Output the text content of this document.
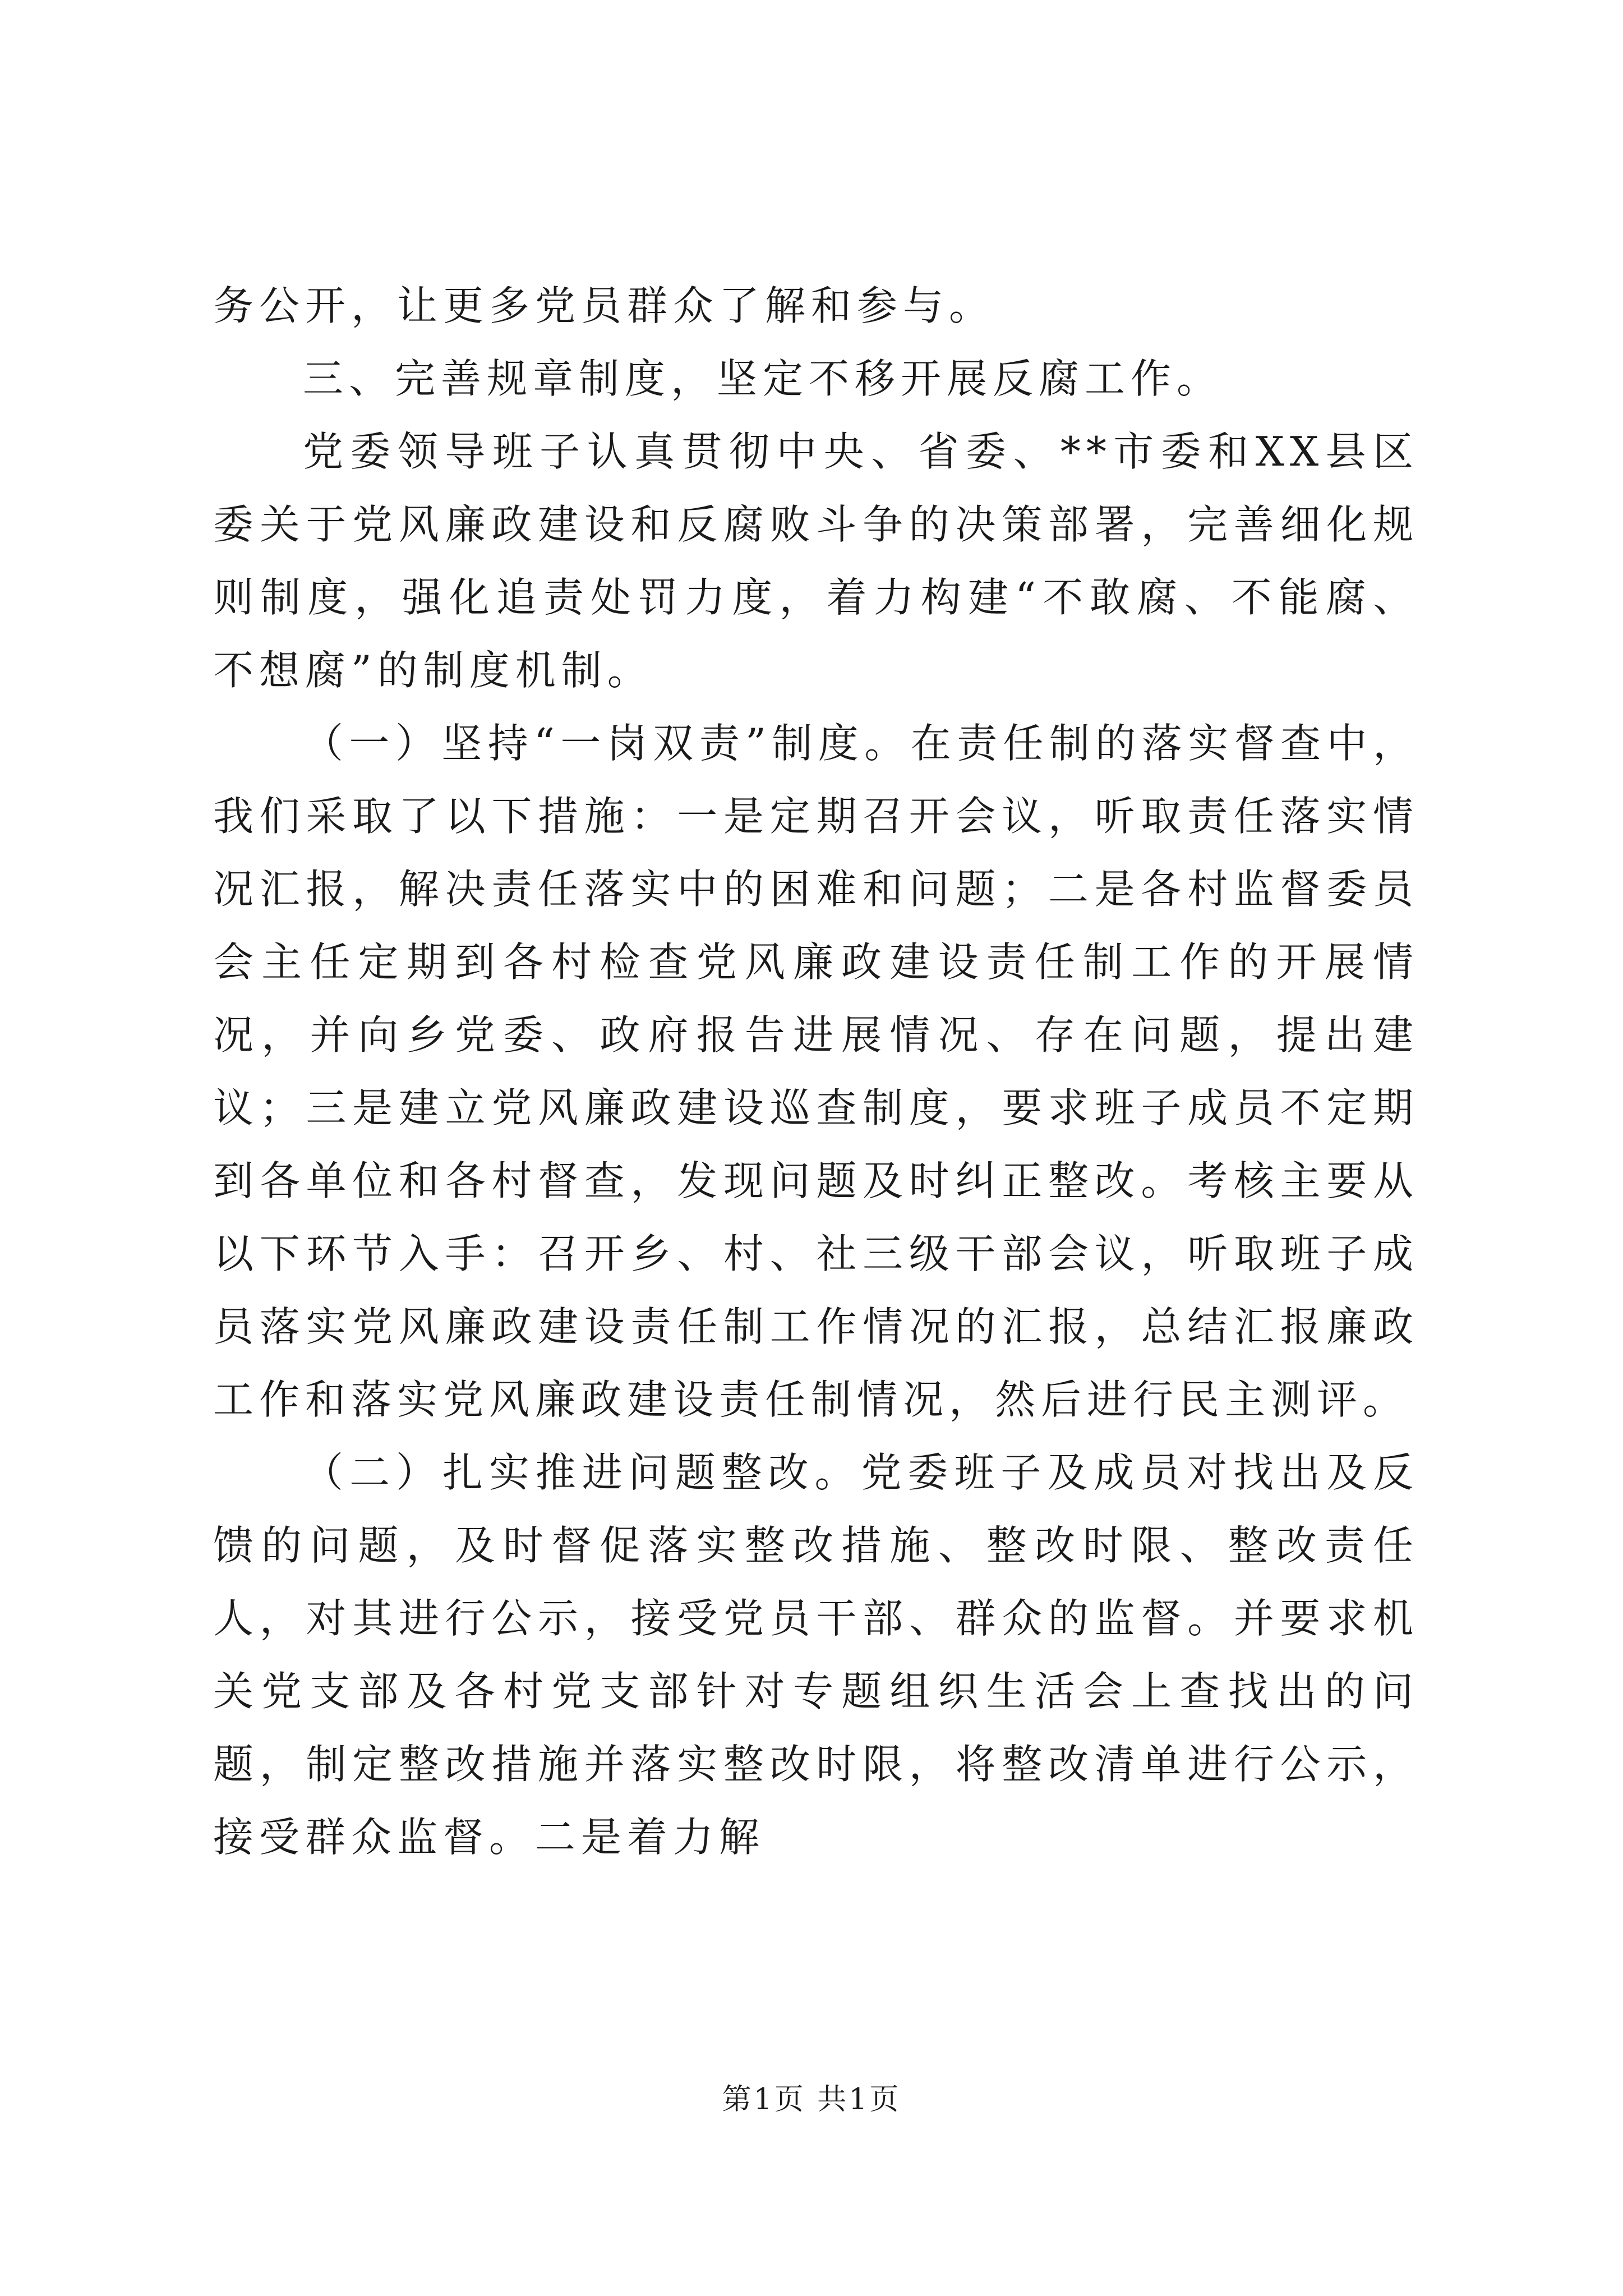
务公开，让更多党员群众了解和参与。

三、完善规章制度，坚定不移开展反腐工作。

党委领导班子认真贯彻中央、省委、**市委和XX县区委关于党风廉政建设和反腐败斗争的决策部署，完善细化规则制度，强化追责处罚力度，着力构建“不敢腐、不能腐、不想腐”的制度机制。

（一）坚持“一岗双责”制度。在责任制的落实督查中，我们采取了以下措施：一是定期召开会议，听取责任落实情况汇报，解决责任落实中的困难和问题；二是各村监督委员会主任定期到各村检查党风廉政建设责任制工作的开展情况，并向乡党委、政府报告进展情况、存在问题，提出建议；三是建立党风廉政建设巡查制度，要求班子成员不定期到各单位和各村督查，发现问题及时纠正整改。考核主要从以下环节入手：召开乡、村、社三级干部会议，听取班子成员落实党风廉政建设责任制工作情况的汇报，总结汇报廉政工作和落实党风廉政建设责任制情况，然后进行民主测评。

（二）扎实推进问题整改。党委班子及成员对找出及反馈的问题，及时督促落实整改措施、整改时限、整改责任人，对其进行公示，接受党员干部、群众的监督。并要求机关党支部及各村党支部针对专题组织生活会上查找出的问题，制定整改措施并落实整改时限，将整改清单进行公示，接受群众监督。二是着力解

第1页 共1页
